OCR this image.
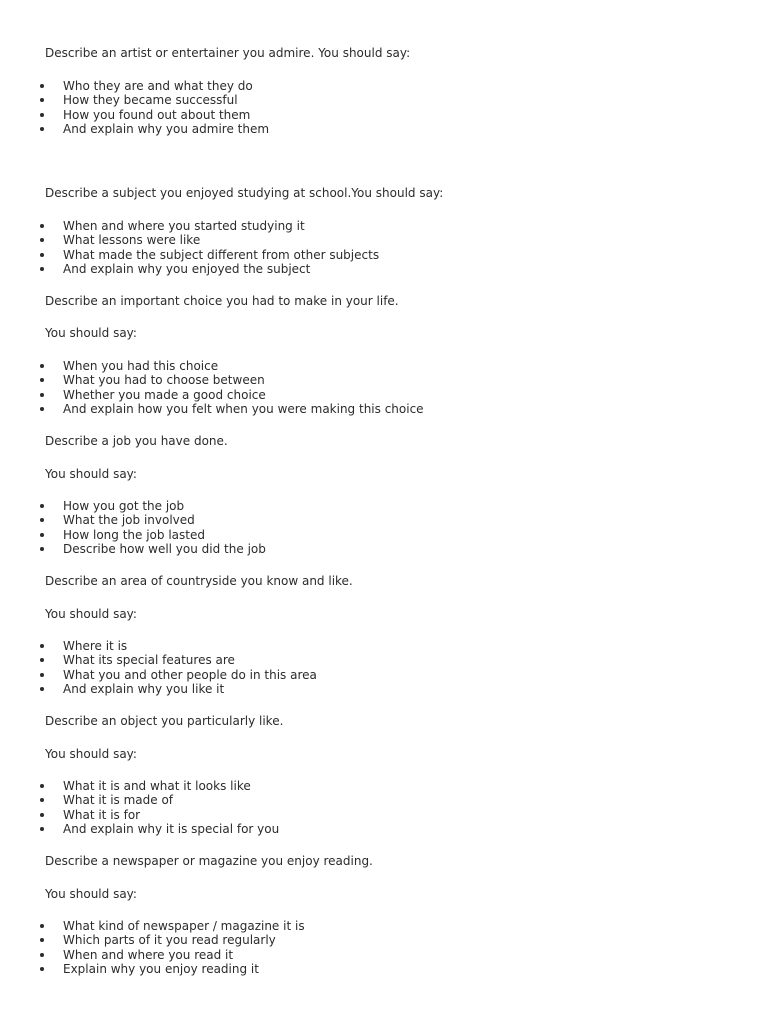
Describe an artist or entertainer you admire. You should say:

Who they are and what they do
How they became successful
How you found out about them
And explain why you admire them

Describe a subject you enjoyed studying at school.You should say:

When and where you started studying it
What lessons were like
What made the subject different from other subjects
And explain why you enjoyed the subject

Describe an important choice you had to make in your life.

You should say:

When you had this choice
What you had to choose between
Whether you made a good choice
And explain how you felt when you were making this choice

Describe a job you have done.

You should say:

How you got the job
What the job involved
How long the job lasted
Describe how well you did the job

Describe an area of countryside you know and like.

You should say:

Where it is
What its special features are
What you and other people do in this area
And explain why you like it

Describe an object you particularly like.

You should say:

What it is and what it looks like
What it is made of
What it is for
And explain why it is special for you

Describe a newspaper or magazine you enjoy reading.

You should say:

What kind of newspaper / magazine it is
Which parts of it you read regularly
When and where you read it
Explain why you enjoy reading it
